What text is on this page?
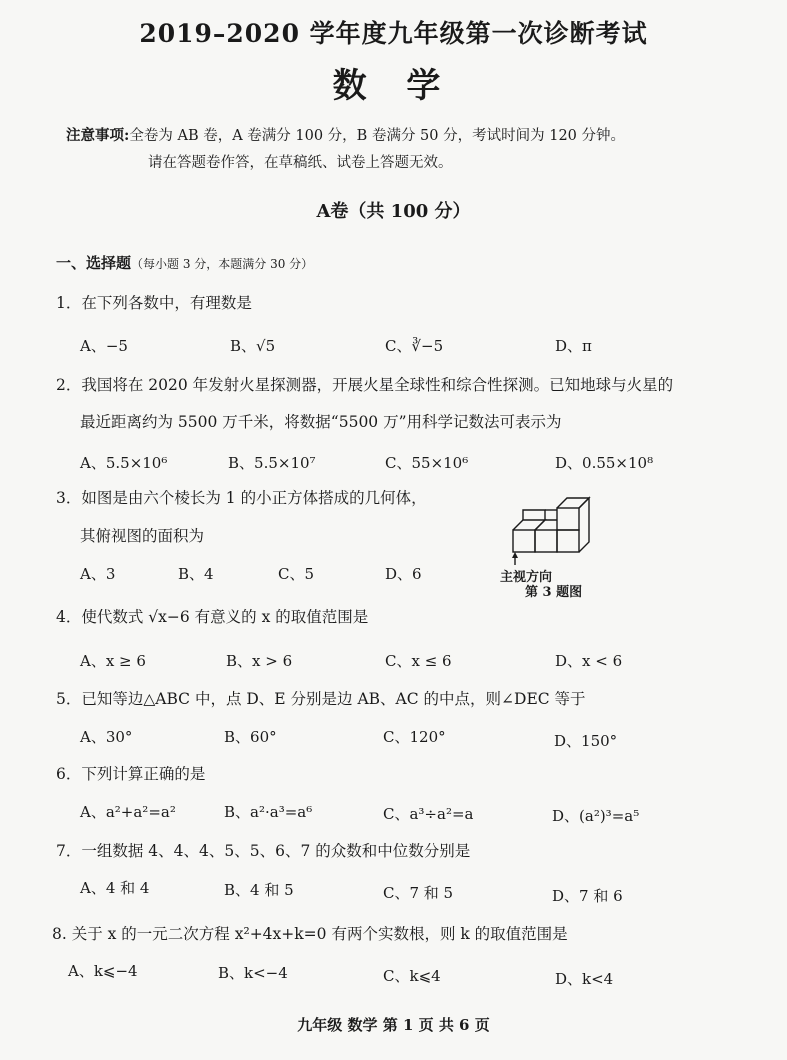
2019–2020 学年度九年级第一次诊断考试
数 学
注意事项:全卷为 AB 卷，A 卷满分 100 分，B 卷满分 50 分，考试时间为 120 分钟。
请在答题卷作答，在草稿纸、试卷上答题无效。
A卷（共 100 分）
一、选择题（每小题 3 分，本题满分 30 分）
1．在下列各数中，有理数是
A、−5	B、√5	C、∛−5	D、π
2．我国将在 2020 年发射火星探测器，开展火星全球性和综合性探测。已知地球与火星的
最近距离约为 5500 万千米，将数据“5500 万”用科学记数法可表示为
A、5.5×10⁶	B、5.5×10⁷	C、55×10⁶	D、0.55×10⁸
3．如图是由六个棱长为 1 的小正方体搭成的几何体，
其俯视图的面积为
A、3	B、4	C、5	D、6	主视方向
第 3 题图
4．使代数式 √x−6 有意义的 x 的取值范围是
A、x ≥ 6	B、x > 6	C、x ≤ 6	D、x < 6
5．已知等边△ABC 中，点 D、E 分别是边 AB、AC 的中点，则∠DEC 等于
A、30°	B、60°	C、120°	D、150°
6．下列计算正确的是
A、a²+a²=a²	B、a²·a³=a⁶	C、a³÷a²=a	D、(a²)³=a⁵
7．一组数据 4、4、4、5、5、6、7 的众数和中位数分别是
A、4 和 4	B、4 和 5	C、7 和 5	D、7 和 6
8. 关于 x 的一元二次方程 x²+4x+k=0 有两个实数根，则 k 的取值范围是
A、k⩽−4	B、k<−4	C、k⩽4	D、k<4
九年级 数学 第 1 页 共 6 页
